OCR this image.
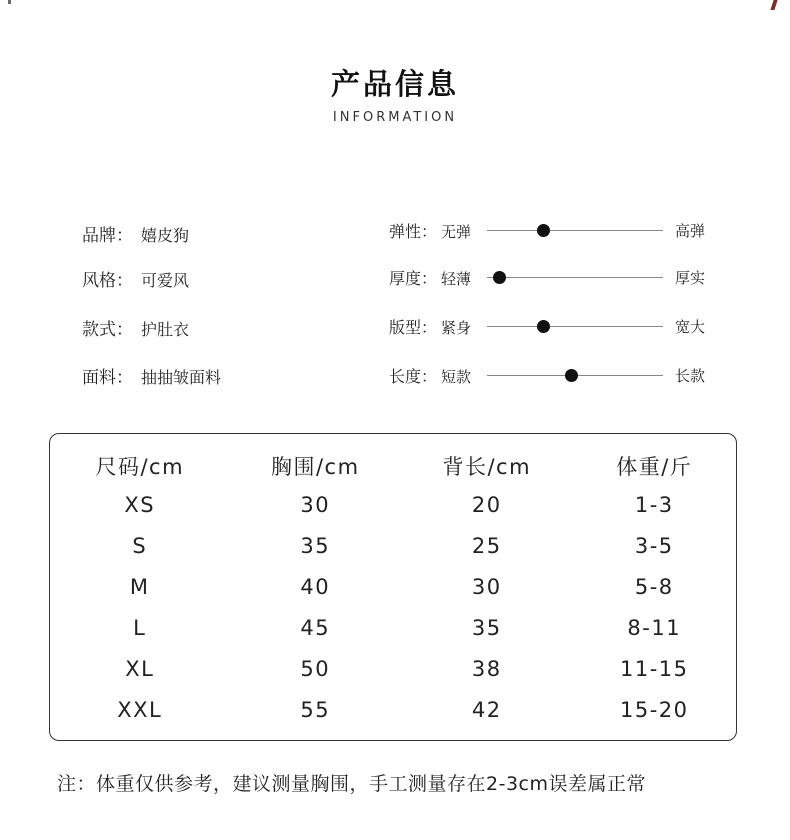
产品信息
INFORMATION
品牌： 嬉皮狗
风格： 可爱风
款式： 护肚衣
面料： 抽抽皱面料
弹性： 无弹	高弹
厚度： 轻薄	厚实
版型： 紧身	宽大
长度： 短款	长款
尺码/cm	胸围/cm	背长/cm	体重/斤
XS	30	20	1-3
S	35	25	3-5
M	40	30	5-8
L	45	35	8-11
XL	50	38	11-15
XXL	55	42	15-20
注：体重仅供参考，建议测量胸围，手工测量存在2-3cm误差属正常
